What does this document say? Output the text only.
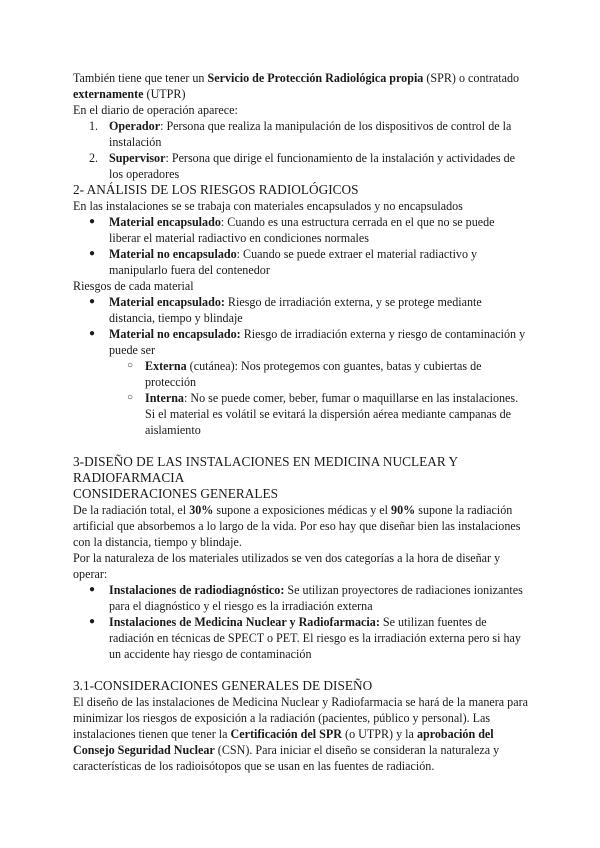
También tiene que tener un Servicio de Protección Radiológica propia (SPR) o contratado externamente (UTPR)

En el diario de operación aparece:

1. Operador: Persona que realiza la manipulación de los dispositivos de control de la instalación
2. Supervisor: Persona que dirige el funcionamiento de la instalación y actividades de los operadores

2- ANÁLISIS DE LOS RIESGOS RADIOLÓGICOS

En las instalaciones se se trabaja con materiales encapsulados y no encapsulados

● Material encapsulado: Cuando es una estructura cerrada en el que no se puede liberar el material radiactivo en condiciones normales
● Material no encapsulado: Cuando se puede extraer el material radiactivo y manipularlo fuera del contenedor

Riesgos de cada material

● Material encapsulado: Riesgo de irradiación externa, y se protege mediante distancia, tiempo y blindaje
● Material no encapsulado: Riesgo de irradiación externa y riesgo de contaminación y puede ser
○ Externa (cutánea): Nos protegemos con guantes, batas y cubiertas de protección
○ Interna: No se puede comer, beber, fumar o maquillarse en las instalaciones. Si el material es volátil se evitará la dispersión aérea mediante campanas de aislamiento

3-DISEÑO DE LAS INSTALACIONES EN MEDICINA NUCLEAR Y RADIOFARMACIA

CONSIDERACIONES GENERALES

De la radiación total, el 30% supone a exposiciones médicas y el 90% supone la radiación artificial que absorbemos a lo largo de la vida. Por eso hay que diseñar bien las instalaciones con la distancia, tiempo y blindaje.

Por la naturaleza de los materiales utilizados se ven dos categorías a la hora de diseñar y operar:

● Instalaciones de radiodiagnóstico: Se utilizan proyectores de radiaciones ionizantes para el diagnóstico y el riesgo es la irradiación externa
● Instalaciones de Medicina Nuclear y Radiofarmacia: Se utilizan fuentes de radiación en técnicas de SPECT o PET. El riesgo es la irradiación externa pero si hay un accidente hay riesgo de contaminación

3.1-CONSIDERACIONES GENERALES DE DISEÑO

El diseño de las instalaciones de Medicina Nuclear y Radiofarmacia se hará de la manera para minimizar los riesgos de exposición a la radiación (pacientes, público y personal). Las instalaciones tienen que tener la Certificación del SPR (o UTPR) y la aprobación del Consejo Seguridad Nuclear (CSN). Para iniciar el diseño se consideran la naturaleza y características de los radioisótopos que se usan en las fuentes de radiación.
